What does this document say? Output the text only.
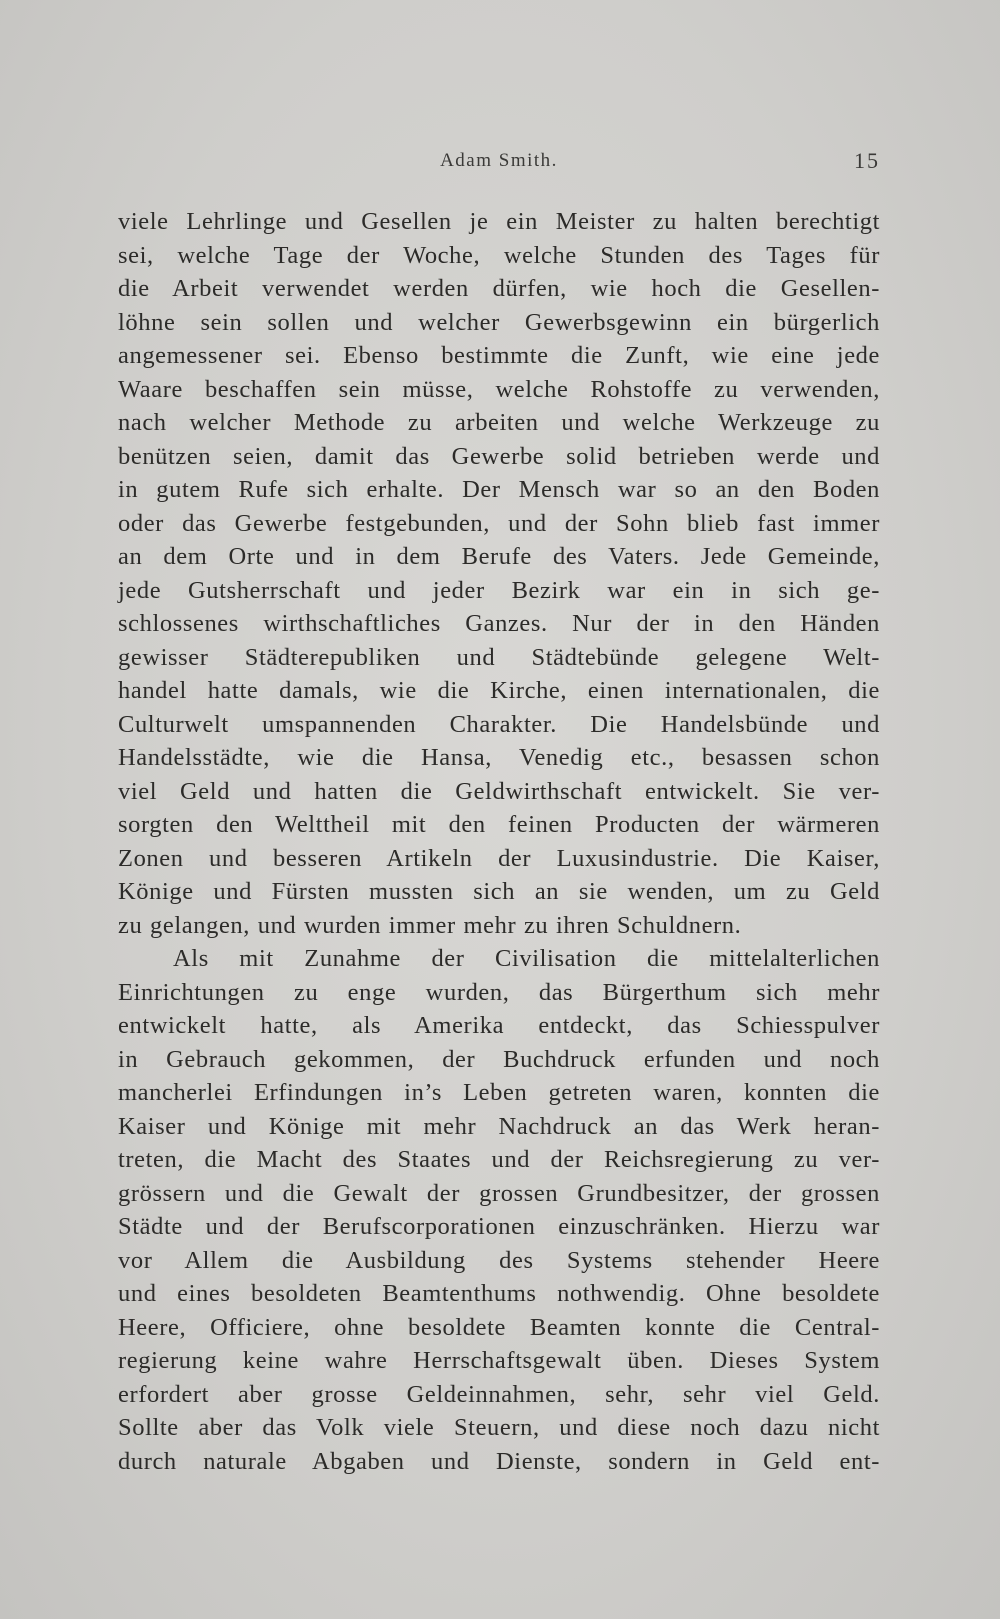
Adam Smith.	15
viele Lehrlinge und Gesellen je ein Meister zu halten berechtigt
sei, welche Tage der Woche, welche Stunden des Tages für
die Arbeit verwendet werden dürfen, wie hoch die Gesellen-
löhne sein sollen und welcher Gewerbsgewinn ein bürgerlich
angemessener sei. Ebenso bestimmte die Zunft, wie eine jede
Waare beschaffen sein müsse, welche Rohstoffe zu verwenden,
nach welcher Methode zu arbeiten und welche Werkzeuge zu
benützen seien, damit das Gewerbe solid betrieben werde und
in gutem Rufe sich erhalte. Der Mensch war so an den Boden
oder das Gewerbe festgebunden, und der Sohn blieb fast immer
an dem Orte und in dem Berufe des Vaters. Jede Gemeinde,
jede Gutsherrschaft und jeder Bezirk war ein in sich ge-
schlossenes wirthschaftliches Ganzes. Nur der in den Händen
gewisser Städterepubliken und Städtebünde gelegene Welt-
handel hatte damals, wie die Kirche, einen internationalen, die
Culturwelt umspannenden Charakter. Die Handelsbünde und
Handelsstädte, wie die Hansa, Venedig etc., besassen schon
viel Geld und hatten die Geldwirthschaft entwickelt. Sie ver-
sorgten den Welttheil mit den feinen Producten der wärmeren
Zonen und besseren Artikeln der Luxusindustrie. Die Kaiser,
Könige und Fürsten mussten sich an sie wenden, um zu Geld
zu gelangen, und wurden immer mehr zu ihren Schuldnern.
Als mit Zunahme der Civilisation die mittelalterlichen
Einrichtungen zu enge wurden, das Bürgerthum sich mehr
entwickelt hatte, als Amerika entdeckt, das Schiesspulver
in Gebrauch gekommen, der Buchdruck erfunden und noch
mancherlei Erfindungen in’s Leben getreten waren, konnten die
Kaiser und Könige mit mehr Nachdruck an das Werk heran-
treten, die Macht des Staates und der Reichsregierung zu ver-
grössern und die Gewalt der grossen Grundbesitzer, der grossen
Städte und der Berufscorporationen einzuschränken. Hierzu war
vor Allem die Ausbildung des Systems stehender Heere
und eines besoldeten Beamtenthums nothwendig. Ohne besoldete
Heere, Officiere, ohne besoldete Beamten konnte die Central-
regierung keine wahre Herrschaftsgewalt üben. Dieses System
erfordert aber grosse Geldeinnahmen, sehr, sehr viel Geld.
Sollte aber das Volk viele Steuern, und diese noch dazu nicht
durch naturale Abgaben und Dienste, sondern in Geld ent-
